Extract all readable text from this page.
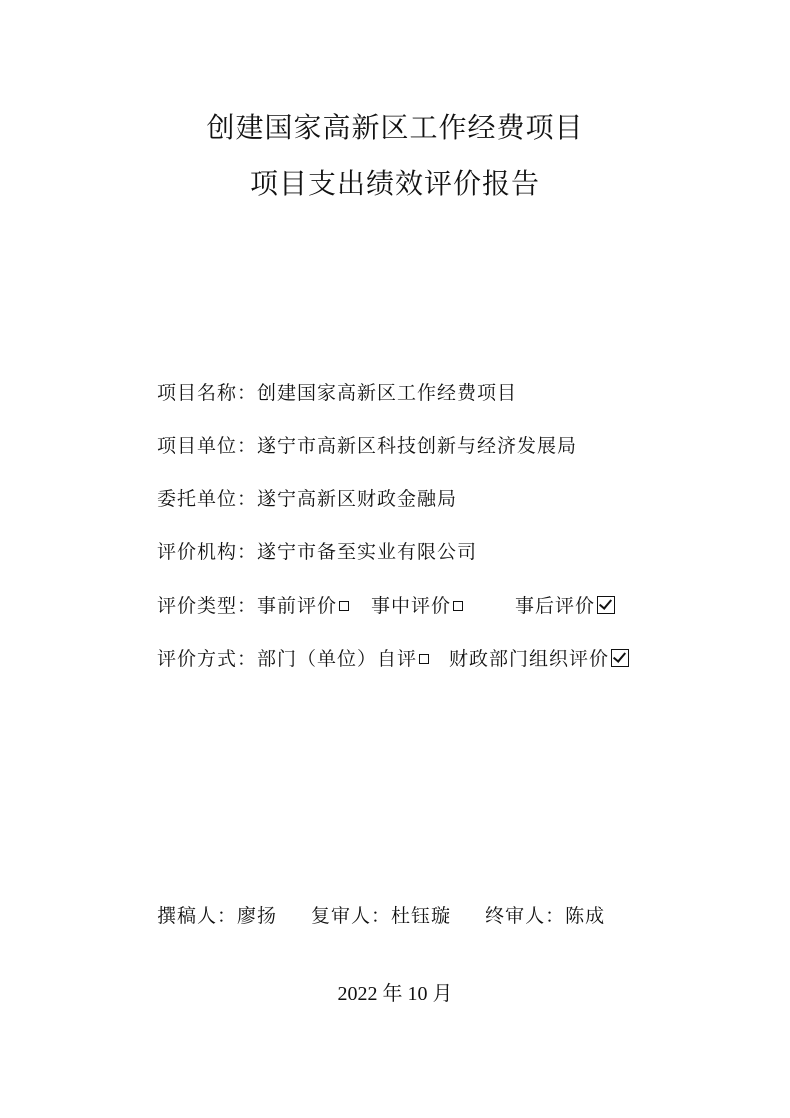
创建国家高新区工作经费项目
项目支出绩效评价报告
项目名称：创建国家高新区工作经费项目
项目单位：遂宁市高新区科技创新与经济发展局
委托单位：遂宁高新区财政金融局
评价机构：遂宁市备至实业有限公司
评价类型：事前评价 事中评价	事后评价
评价方式：部门（单位）自评 财政部门组织评价
撰稿人：廖扬 复审人：杜钰璇 终审人：陈成
2022 年 10 月
